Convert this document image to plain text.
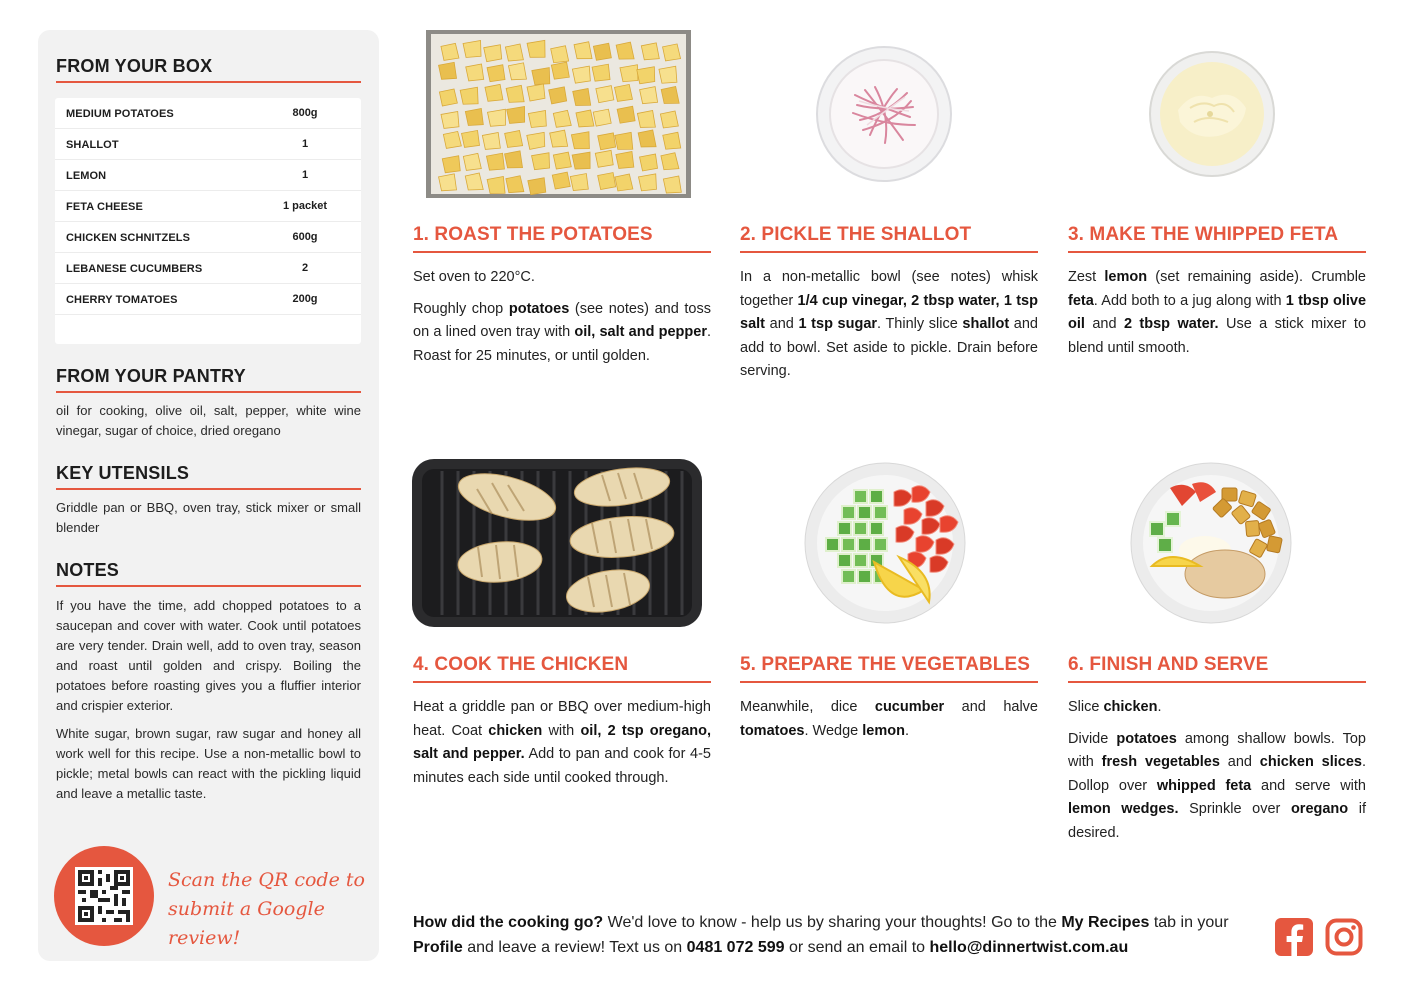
FROM YOUR BOX
MEDIUM POTATOES	800g
SHALLOT	1
LEMON	1
FETA CHEESE	1 packet
CHICKEN SCHNITZELS	600g
LEBANESE CUCUMBERS	2
CHERRY TOMATOES	200g
FROM YOUR PANTRY
oil for cooking, olive oil, salt, pepper, white wine vinegar, sugar of choice, dried oregano
KEY UTENSILS
Griddle pan or BBQ, oven tray, stick mixer or small blender
NOTES
If you have the time, add chopped potatoes to a saucepan and cover with water. Cook until potatoes are very tender. Drain well, add to oven tray, season and roast until golden and crispy. Boiling the potatoes before roasting gives you a fluffier interior and crispier exterior.
White sugar, brown sugar, raw sugar and honey all work well for this recipe. Use a non-metallic bowl to pickle; metal bowls can react with the pickling liquid and leave a metallic taste.
Scan the QR code to
submit a Google review!
1. ROAST THE POTATOES

Set oven to 220°C.

Roughly chop potatoes (see notes) and toss on a lined oven tray with oil, salt and pepper. Roast for 25 minutes, or until golden.

2. PICKLE THE SHALLOT

In a non-metallic bowl (see notes) whisk together 1/4 cup vinegar, 2 tbsp water, 1 tsp salt and 1 tsp sugar. Thinly slice shallot and add to bowl. Set aside to pickle. Drain before serving.

3. MAKE THE WHIPPED FETA

Zest lemon (set remaining aside). Crumble feta. Add both to a jug along with 1 tbsp olive oil and 2 tbsp water. Use a stick mixer to blend until smooth.

4. COOK THE CHICKEN

Heat a griddle pan or BBQ over medium-high heat. Coat chicken with oil, 2 tsp oregano, salt and pepper. Add to pan and cook for 4-5 minutes each side until cooked through.

5. PREPARE THE VEGETABLES

Meanwhile, dice cucumber and halve tomatoes. Wedge lemon.

6. FINISH AND SERVE

Slice chicken.

Divide potatoes among shallow bowls. Top with fresh vegetables and chicken slices. Dollop over whipped feta and serve with lemon wedges. Sprinkle over oregano if desired.

How did the cooking go? We'd love to know - help us by sharing your thoughts! Go to the My Recipes tab in your Profile and leave a review! Text us on 0481 072 599 or send an email to hello@dinnertwist.com.au
